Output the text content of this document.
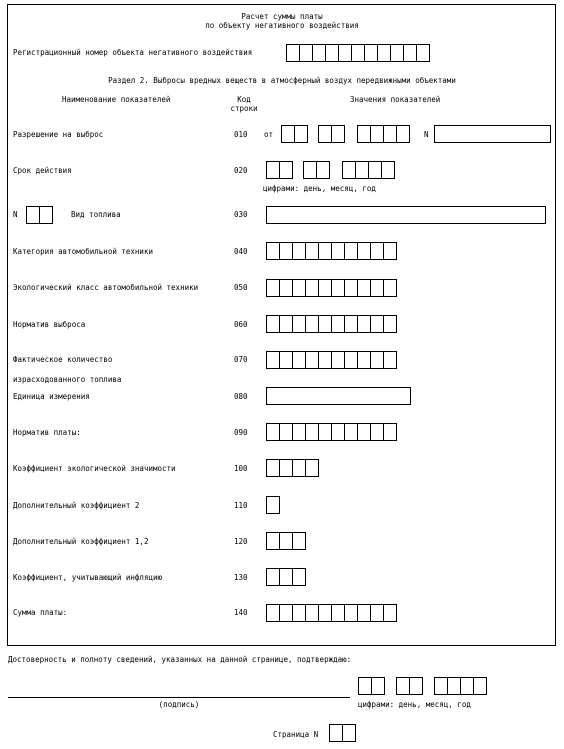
Расчет суммы платы
по объекту негативного воздействия
Регистрационный номер объекта негативного воздействия
Раздел 2. Выбросы вредных веществ в атмосферный воздух передвижными объектами
Наименование показателей	Код
строки
Значения показателей
Разрешение на выброс	010 от	N
Срок действия	020
цифрами: день, месяц, год
N	Вид топлива	030
Категория автомобильной техники	040
Экологический класс автомобильной техники	050
Норматив выброса	060
Фактическое количество
израсходованного топлива
070
Единица измерения	080
Норматив платы:	090
Коэффициент экологической значимости	100
Дополнительный коэффициент 2	110
Дополнительный коэффициент 1,2	120
Коэффициент, учитывающий инфляцию	130
Сумма платы:	140
Достоверность и полноту сведений, указанных на данной странице, подтверждаю:
(подпись)	цифрами: день, месяц, год
Страница N
